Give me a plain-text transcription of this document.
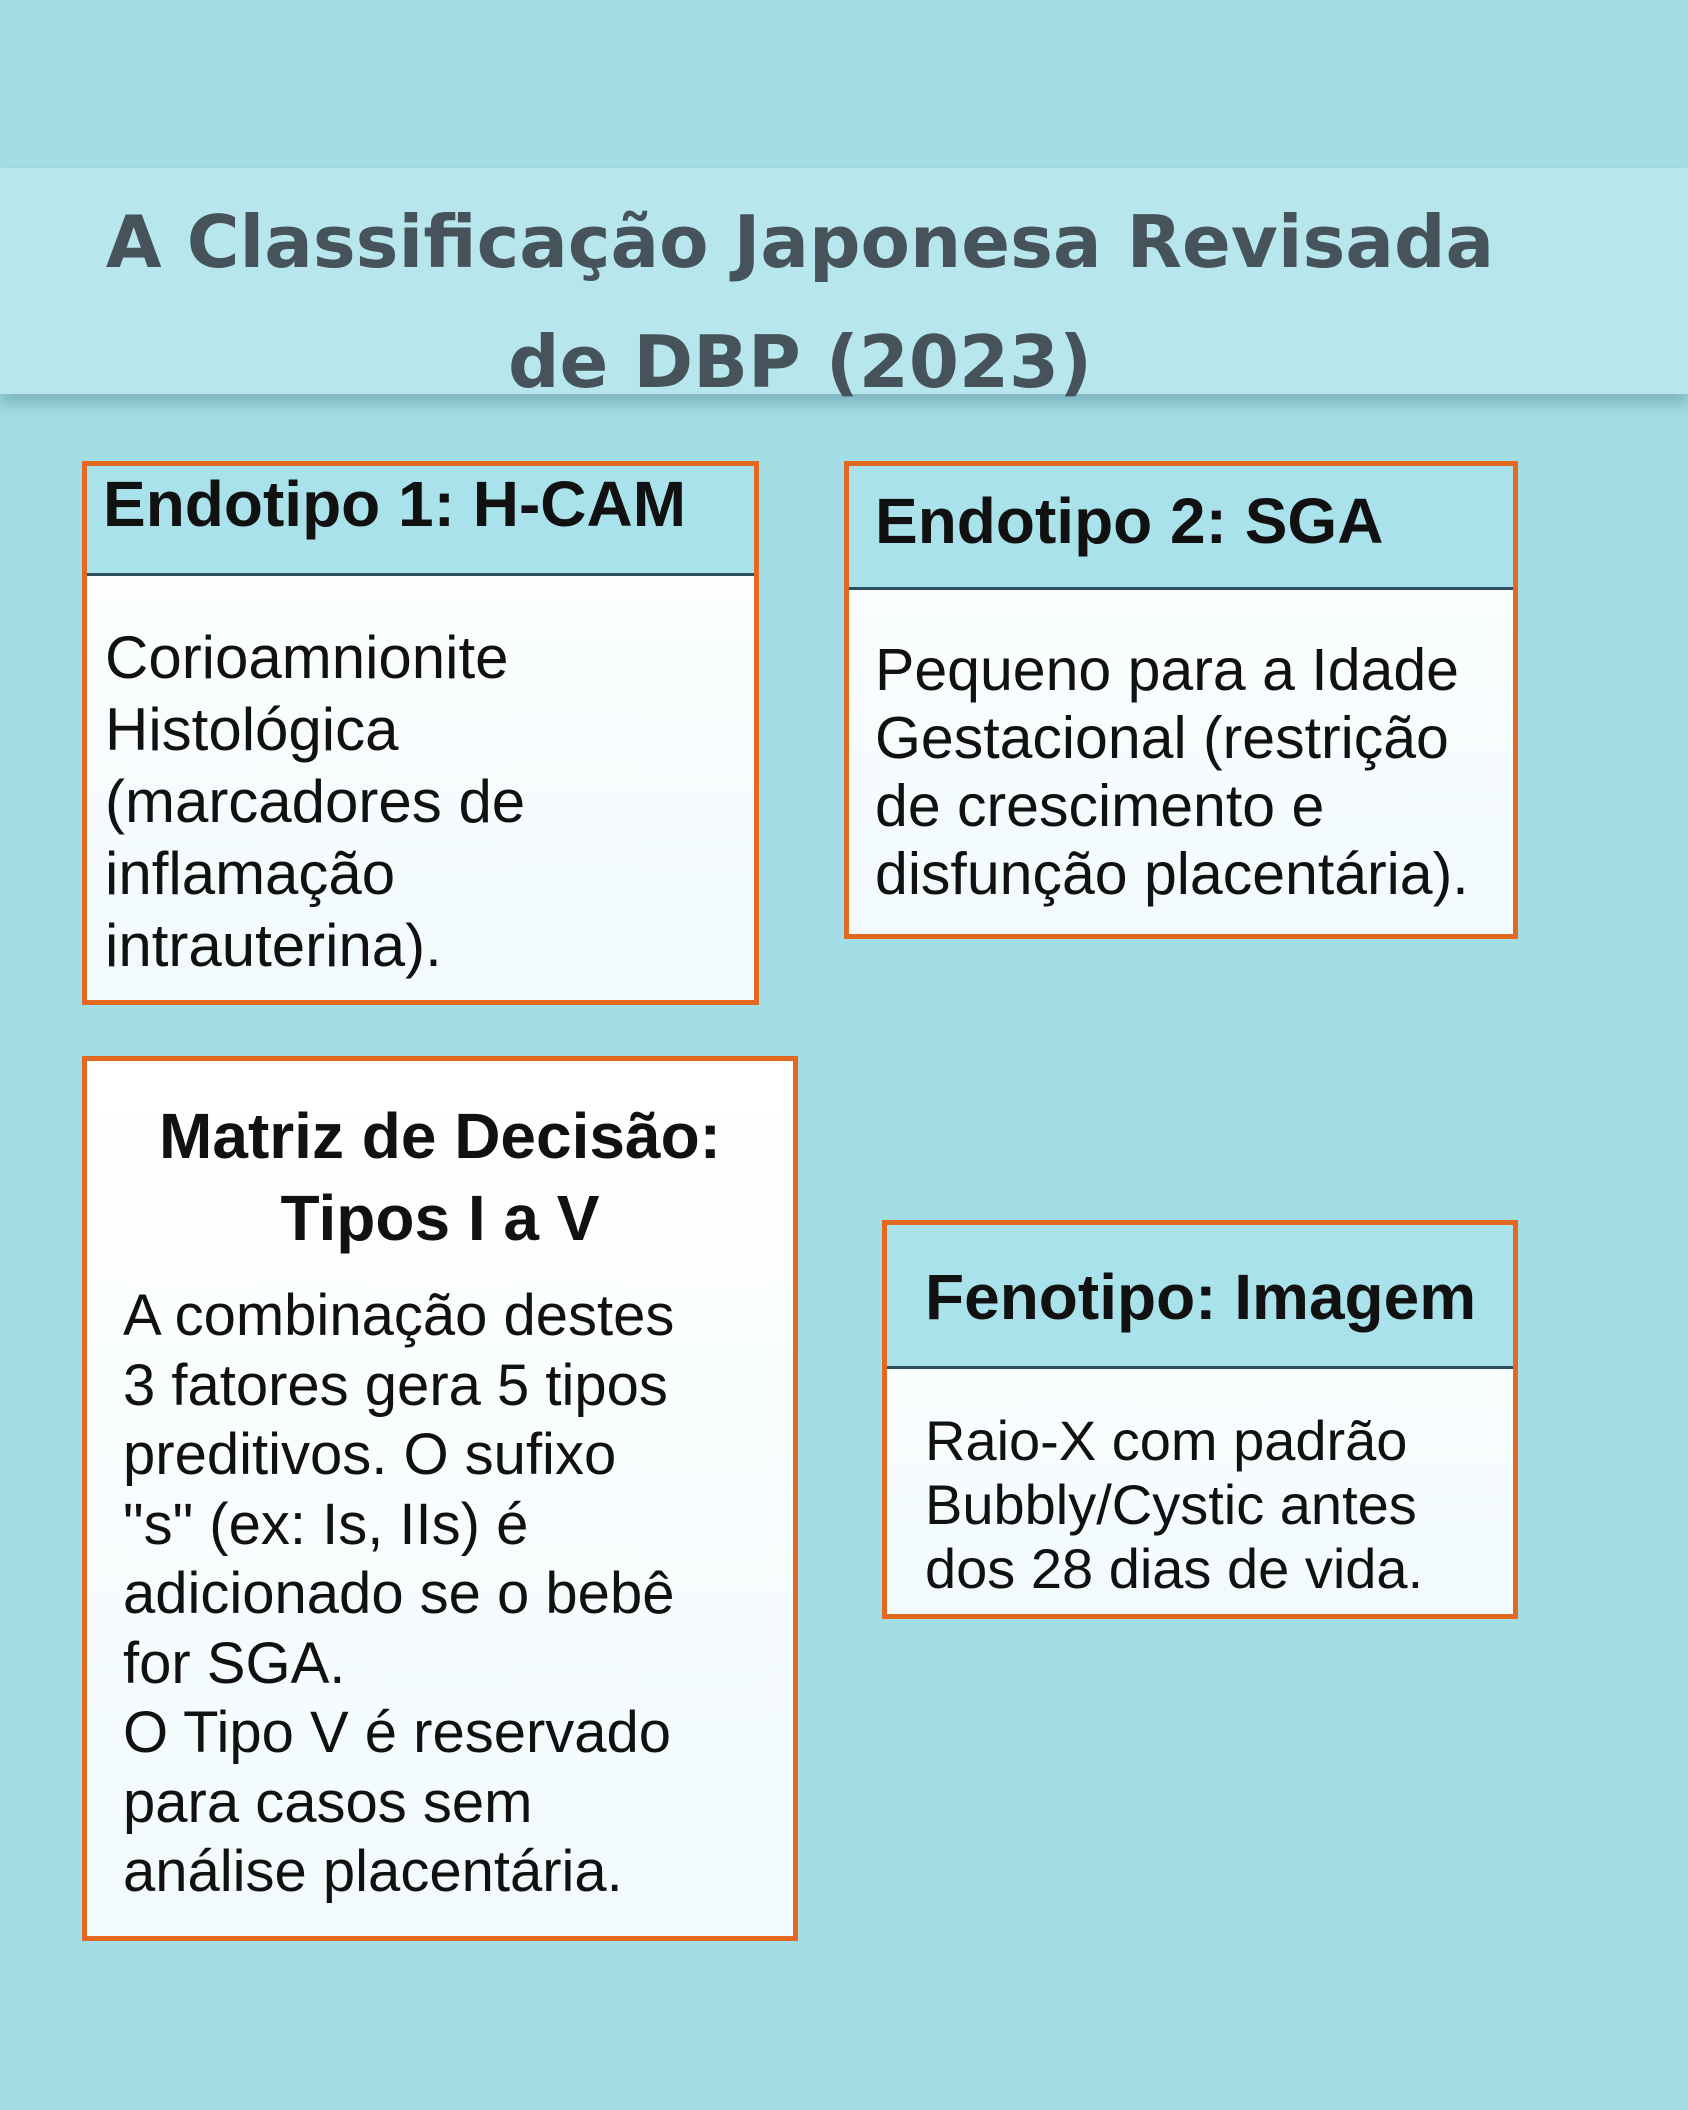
A Classificação Japonesa Revisada
de DBP (2023)
Endotipo 1: H-CAM
Corioamnionite
Histológica
(marcadores de
inflamação
intrauterina).
Endotipo 2: SGA
Pequeno para a Idade
Gestacional (restrição
de crescimento e
disfunção placentária).
Matriz de Decisão:
Tipos I a V
A combinação destes
3 fatores gera 5 tipos
preditivos. O sufixo
"s" (ex: Is, IIs) é
adicionado se o bebê
for SGA.
O Tipo V é reservado
para casos sem
análise placentária.
Fenotipo: Imagem
Raio-X com padrão
Bubbly/Cystic antes
dos 28 dias de vida.
